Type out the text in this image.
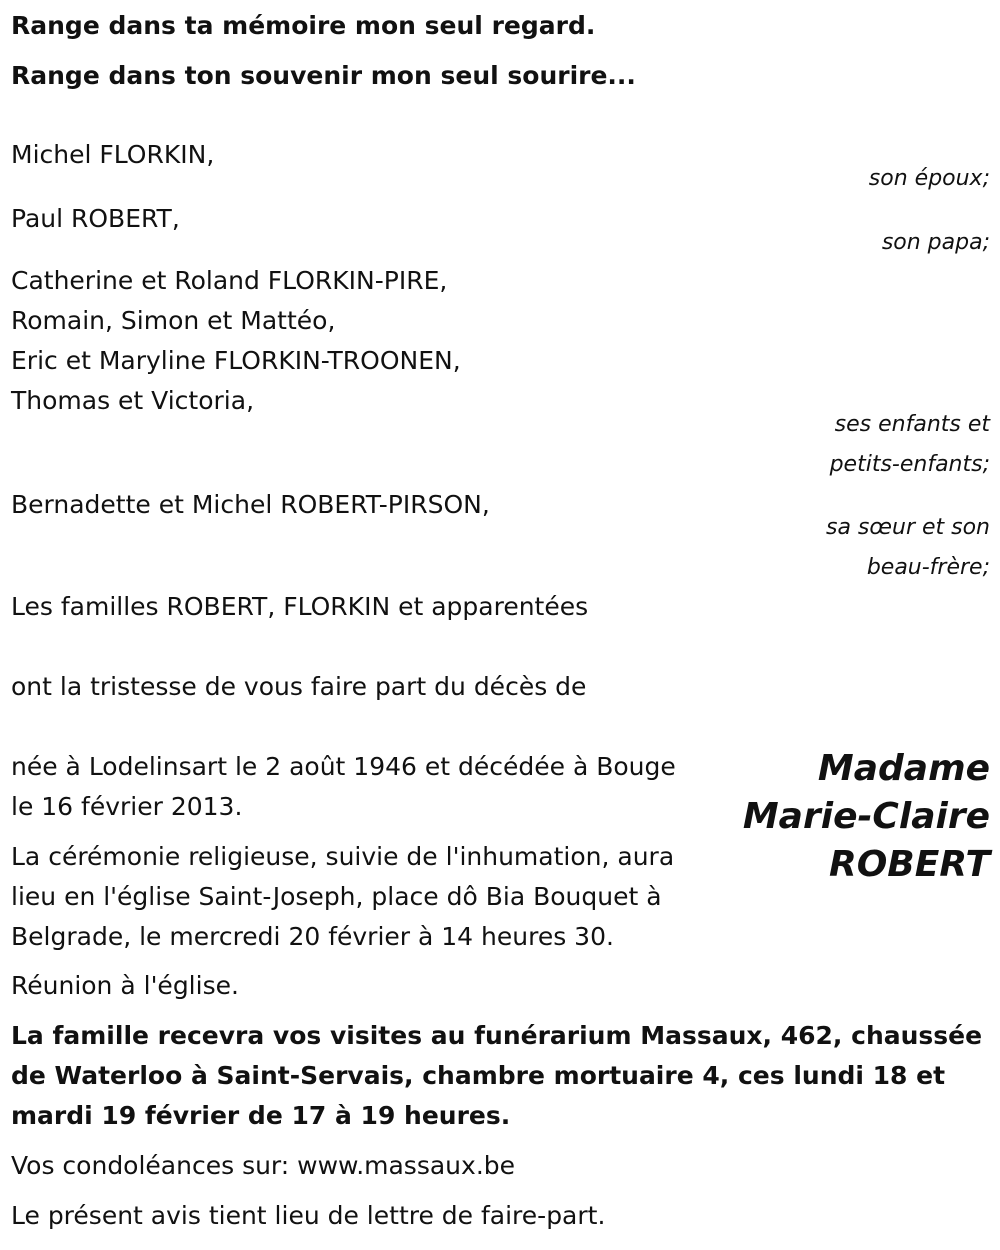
Range dans ta mémoire mon seul regard.
Range dans ton souvenir mon seul sourire...
Michel FLORKIN,
son époux;
Paul ROBERT,
son papa;
Catherine et Roland FLORKIN-PIRE,
Romain, Simon et Mattéo,
Eric et Maryline FLORKIN-TROONEN,
Thomas et Victoria,
ses enfants et
petits-enfants;
Bernadette et Michel ROBERT-PIRSON,
sa sœur et son
beau-frère;
Les familles ROBERT, FLORKIN et apparentées
ont la tristesse de vous faire part du décès de
Madame
Marie-Claire
ROBERT
née à Lodelinsart le 2 août 1946 et décédée à Bouge
le 16 février 2013.
La cérémonie religieuse, suivie de l'inhumation, aura
lieu en l'église Saint-Joseph, place dô Bia Bouquet à
Belgrade, le mercredi 20 février à 14 heures 30.
Réunion à l'église.
La famille recevra vos visites au funérarium Massaux, 462, chaussée
de Waterloo à Saint-Servais, chambre mortuaire 4, ces lundi 18 et
mardi 19 février de 17 à 19 heures.
Vos condoléances sur: www.massaux.be
Le présent avis tient lieu de lettre de faire-part.
